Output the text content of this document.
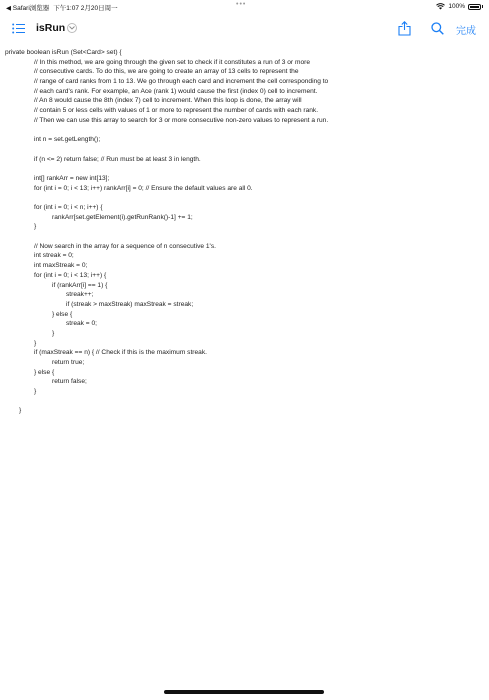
◀ Safari浏览器 下午1:07 2月20日周一
•••	100%
isRun	完成
private boolean isRun (Set<Card> set) {
// In this method, we are going through the given set to check if it constitutes a run of 3 or more
// consecutive cards. To do this, we are going to create an array of 13 cells to represent the
// range of card ranks from 1 to 13. We go through each card and increment the cell corresponding to
// each card's rank. For example, an Ace (rank 1) would cause the first (index 0) cell to increment.
// An 8 would cause the 8th (index 7) cell to increment. When this loop is done, the array will
// contain 5 or less cells with values of 1 or more to represent the number of cards with each rank.
// Then we can use this array to search for 3 or more consecutive non-zero values to represent a run.
int n = set.getLength();
if (n <= 2) return false; // Run must be at least 3 in length.
int[] rankArr = new int[13];
for (int i = 0; i < 13; i++) rankArr[i] = 0; // Ensure the default values are all 0.
for (int i = 0; i < n; i++) {
rankArr[set.getElement(i).getRunRank()-1] += 1;
}
// Now search in the array for a sequence of n consecutive 1's.
int streak = 0;
int maxStreak = 0;
for (int i = 0; i < 13; i++) {
if (rankArr[i] == 1) {
streak++;
if (streak > maxStreak) maxStreak = streak;
} else {
streak = 0;
}
}
if (maxStreak == n) { // Check if this is the maximum streak.
return true;
} else {
return false;
}
}
